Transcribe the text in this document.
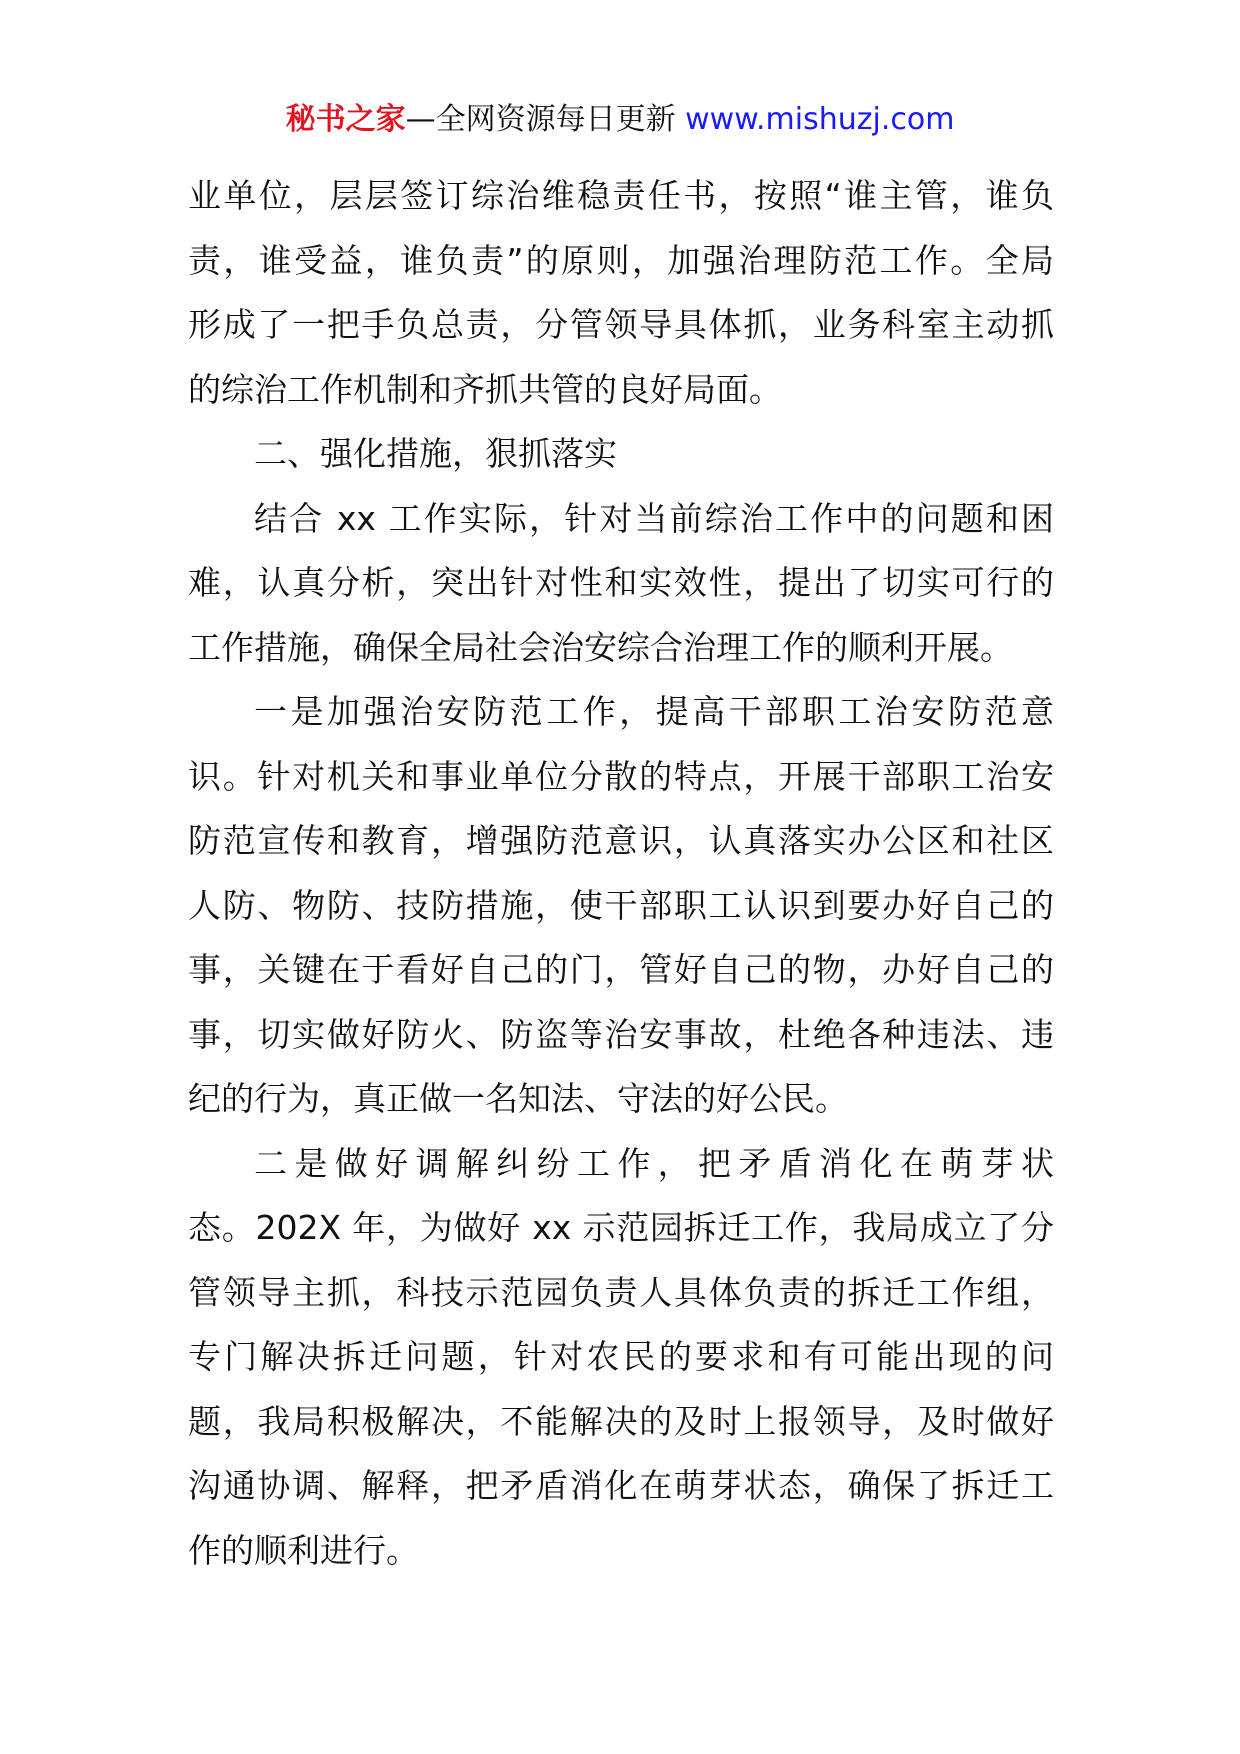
秘书之家—全网资源每日更新 www.mishuzj.com
业单位，层层签订综治维稳责任书，按照“谁主管，谁负
责，谁受益，谁负责”的原则，加强治理防范工作。全局
形成了一把手负总责，分管领导具体抓，业务科室主动抓
的综治工作机制和齐抓共管的良好局面。
二、强化措施，狠抓落实
结合 xx 工作实际，针对当前综治工作中的问题和困
难，认真分析，突出针对性和实效性，提出了切实可行的
工作措施，确保全局社会治安综合治理工作的顺利开展。
一是加强治安防范工作，提高干部职工治安防范意
识。针对机关和事业单位分散的特点，开展干部职工治安
防范宣传和教育，增强防范意识，认真落实办公区和社区
人防、物防、技防措施，使干部职工认识到要办好自己的
事，关键在于看好自己的门，管好自己的物，办好自己的
事，切实做好防火、防盗等治安事故，杜绝各种违法、违
纪的行为，真正做一名知法、守法的好公民。
二是做好调解纠纷工作，把矛盾消化在萌芽状
态。202X 年，为做好 xx 示范园拆迁工作，我局成立了分
管领导主抓，科技示范园负责人具体负责的拆迁工作组，
专门解决拆迁问题，针对农民的要求和有可能出现的问
题，我局积极解决，不能解决的及时上报领导，及时做好
沟通协调、解释，把矛盾消化在萌芽状态，确保了拆迁工
作的顺利进行。
